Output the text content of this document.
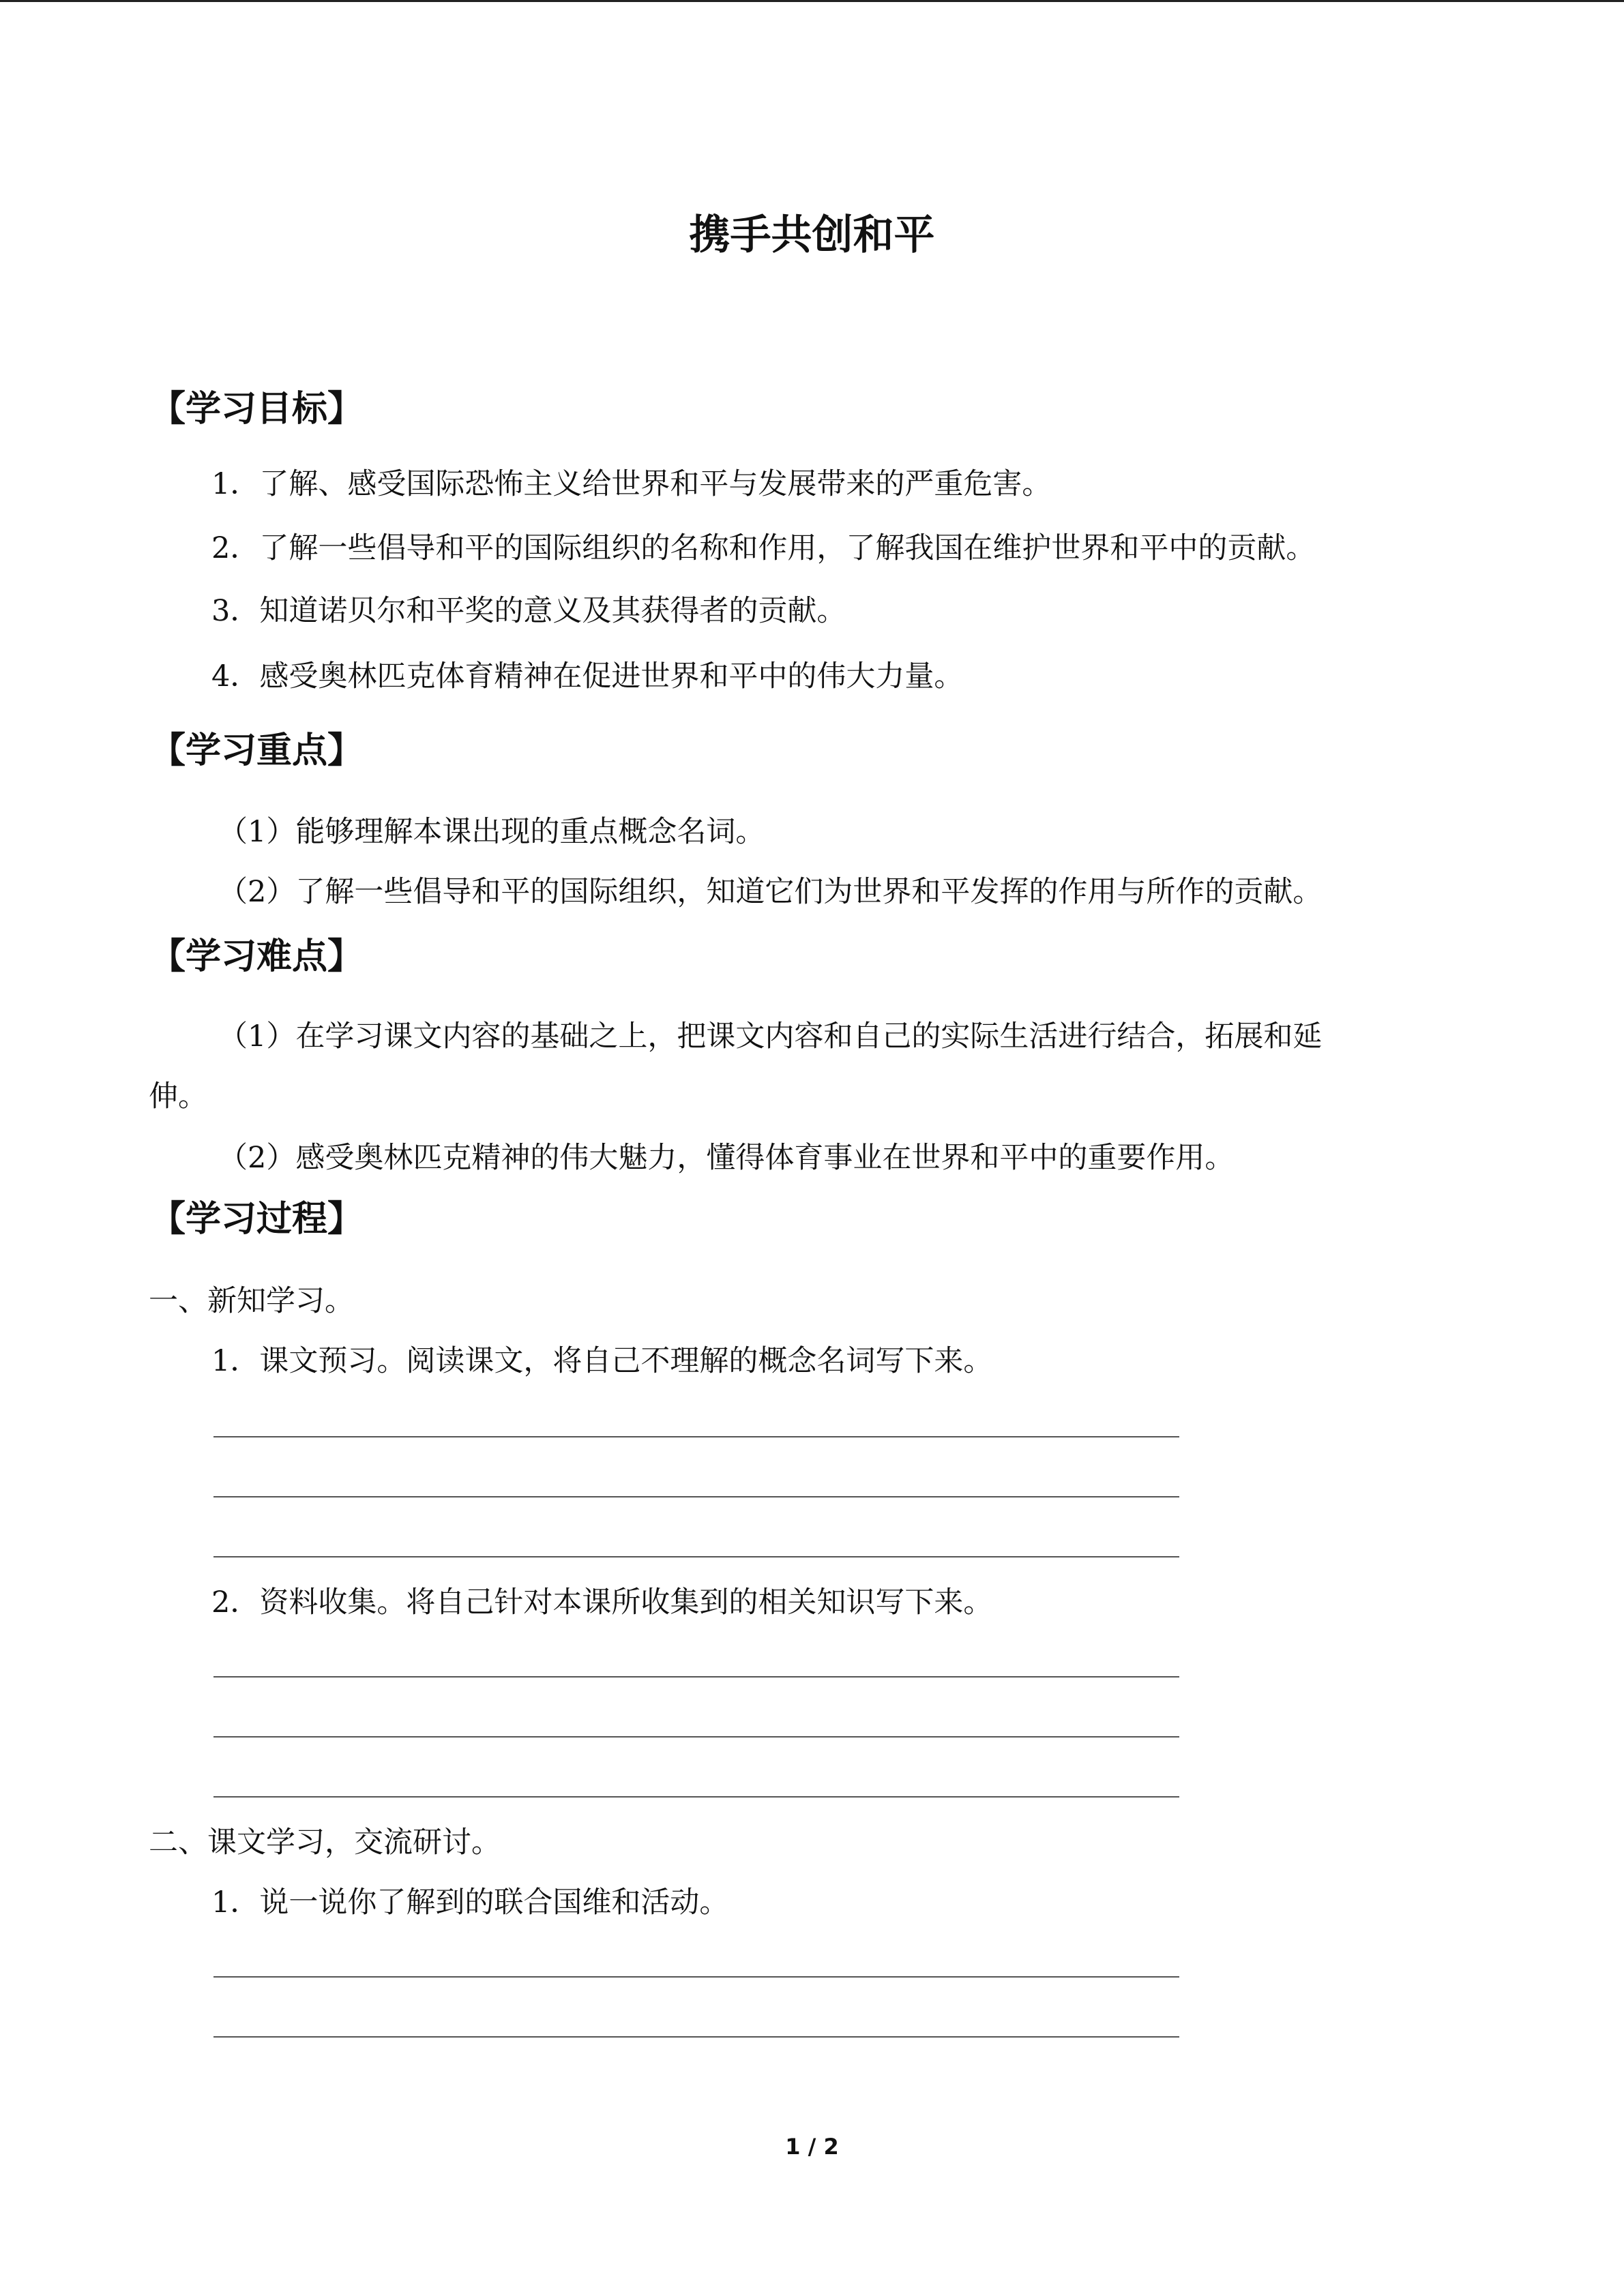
携手共创和平
【学习目标】
1．了解、感受国际恐怖主义给世界和平与发展带来的严重危害。
2．了解一些倡导和平的国际组织的名称和作用，了解我国在维护世界和平中的贡献。
3．知道诺贝尔和平奖的意义及其获得者的贡献。
4．感受奥林匹克体育精神在促进世界和平中的伟大力量。
【学习重点】
（1）能够理解本课出现的重点概念名词。
（2）了解一些倡导和平的国际组织，知道它们为世界和平发挥的作用与所作的贡献。
【学习难点】
（1）在学习课文内容的基础之上，把课文内容和自己的实际生活进行结合，拓展和延
伸。
（2）感受奥林匹克精神的伟大魅力，懂得体育事业在世界和平中的重要作用。
【学习过程】
一、新知学习。
1．课文预习。阅读课文，将自己不理解的概念名词写下来。
2．资料收集。将自己针对本课所收集到的相关知识写下来。
二、课文学习，交流研讨。
1．说一说你了解到的联合国维和活动。
1 / 2
